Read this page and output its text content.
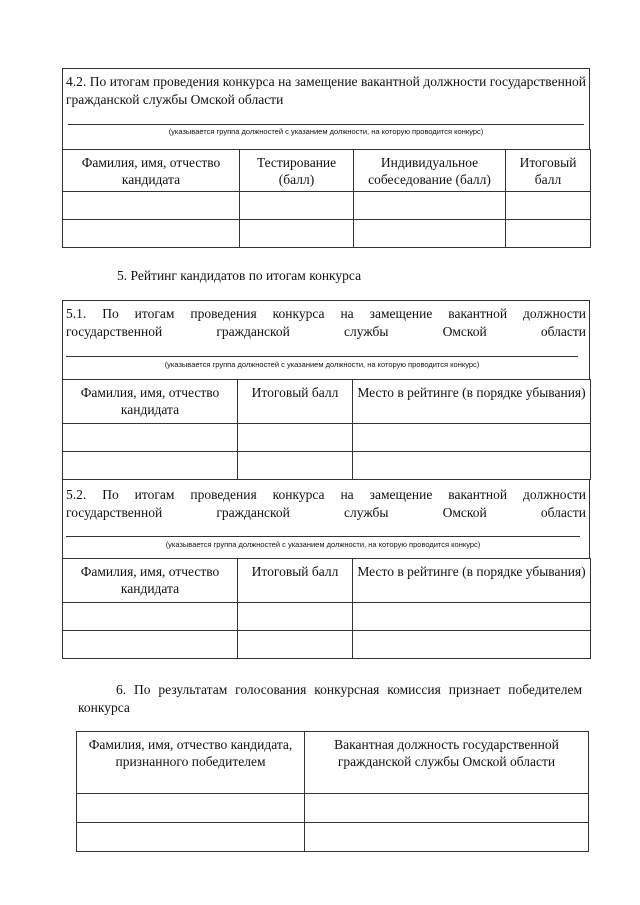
4.2. По итогам проведения конкурса на замещение вакантной должности государственной гражданской службы Омской области
(указывается группа должностей с указанием должности, на которую проводится конкурс)
Фамилия, имя, отчество кандидата	Тестирование (балл)	Индивидуальное собеседование (балл)	Итоговый балл

5. Рейтинг кандидатов по итогам конкурса
5.1. По итогам проведения конкурса на замещение вакантной должности
государственной гражданской службы Омской области
(указывается группа должностей с указанием должности, на которую проводится конкурс)
Фамилия, имя, отчество кандидата	Итоговый балл	Место в рейтинге (в порядке убывания)

5.2. По итогам проведения конкурса на замещение вакантной должности
государственной гражданской службы Омской области
(указывается группа должностей с указанием должности, на которую проводится конкурс)
Фамилия, имя, отчество кандидата	Итоговый балл	Место в рейтинге (в порядке убывания)

6. По результатам голосования конкурсная комиссия признает победителем конкурса
Фамилия, имя, отчество кандидата, признанного победителем	Вакантная должность государственной гражданской службы Омской области
